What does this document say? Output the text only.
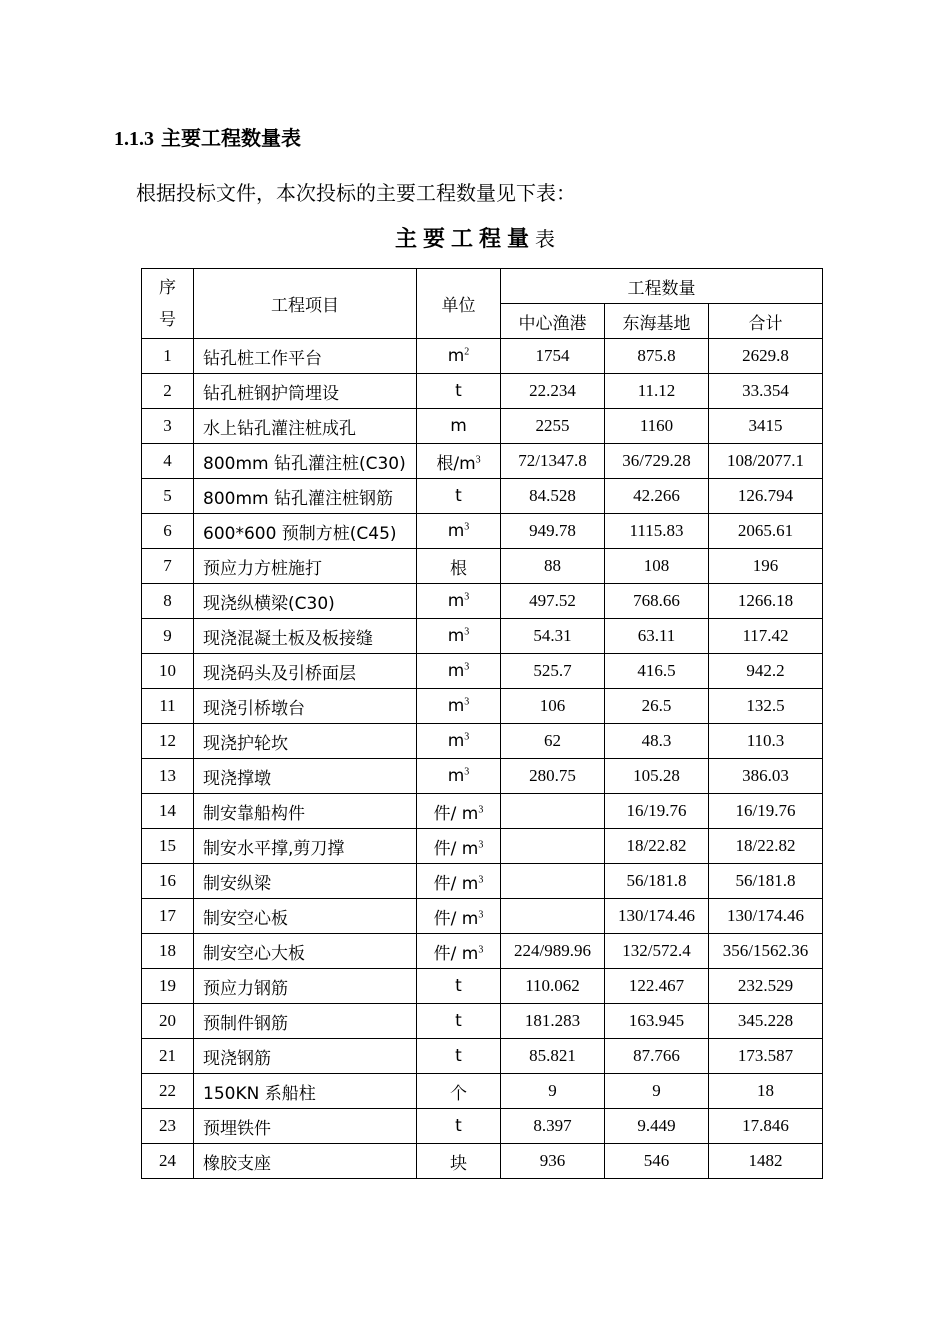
1.1.3 主要工程数量表
根据投标文件，本次投标的主要工程数量见下表：
主要工程量表
序
号	工程项目	单位	工程数量		
			中心渔港	东海基地	合计
1	钻孔桩工作平台	$m^2$	1754	875.8	2629.8
2	钻孔桩钢护筒埋设	t	22.234	11.12	33.354
3	水上钻孔灌注桩成孔	m	2255	1160	3415
4	800mm 钻孔灌注桩(C30)	根$/m^3$	72/1347.8	36/729.28	108/2077.1
5	800mm 钻孔灌注桩钢筋	t	84.528	42.266	126.794
6	600*600 预制方桩(C45)	$m^3$	949.78	1115.83	2065.61
7	预应力方桩施打	根	88	108	196
8	现浇纵横梁(C30)	$m^3$	497.52	768.66	1266.18
9	现浇混凝土板及板接缝	$m^3$	54.31	63.11	117.42
10	现浇码头及引桥面层	$m^3$	525.7	416.5	942.2
11	现浇引桥墩台	$m^3$	106	26.5	132.5
12	现浇护轮坎	$m^3$	62	48.3	110.3
13	现浇撑墩	$m^3$	280.75	105.28	386.03
14	制安靠船构件	件/ $m^3$		16/19.76	16/19.76
15	制安水平撑,剪刀撑	件/ $m^3$		18/22.82	18/22.82
16	制安纵梁	件/ $m^3$		56/181.8	56/181.8
17	制安空心板	件/ $m^3$		130/174.46	130/174.46
18	制安空心大板	件/ $m^3$	224/989.96	132/572.4	356/1562.36
19	预应力钢筋	t	110.062	122.467	232.529
20	预制件钢筋	t	181.283	163.945	345.228
21	现浇钢筋	t	85.821	87.766	173.587
22	150KN 系船柱	个	9	9	18
23	预埋铁件	t	8.397	9.449	17.846
24	橡胶支座	块	936	546	1482
